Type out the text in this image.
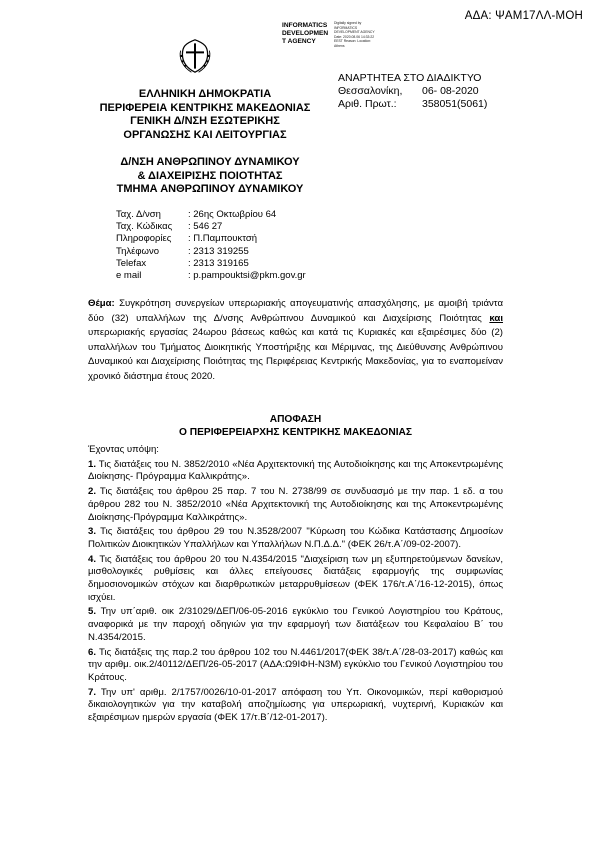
ΑΔΑ: ΨΑΜ17ΛΛ-ΜΟΗ
INFORMATICS
DEVELOPMEN
T AGENCY
Digitally signed by INFORMATICS DEVELOPMENT AGENCY Date: 2020.08.06 14:33:22 EEST Reason: Location: Athens
ΕΛΛΗΝΙΚΗ ΔΗΜΟΚΡΑΤΙΑ
ΠΕΡΙΦΕΡΕΙΑ ΚΕΝΤΡΙΚΗΣ ΜΑΚΕΔΟΝΙΑΣ
ΓΕΝΙΚΗ Δ/ΝΣΗ ΕΣΩΤΕΡΙΚΗΣ
ΟΡΓΑΝΩΣΗΣ ΚΑΙ ΛΕΙΤΟΥΡΓΙΑΣ
Δ/ΝΣΗ ΑΝΘΡΩΠΙΝΟΥ ΔΥΝΑΜΙΚΟΥ
& ΔΙΑΧΕΙΡΙΣΗΣ ΠΟΙΟΤΗΤΑΣ
ΤΜΗΜΑ ΑΝΘΡΩΠΙΝΟΥ ΔΥΝΑΜΙΚΟΥ
ΑΝΑΡΤΗΤΕΑ ΣΤΟ ΔΙΑΔΙΚΤΥΟ
Θεσσαλονίκη,	06- 08-2020
Αριθ. Πρωτ.:	358051(5061)
Ταχ. Δ/νση	: 26ης Οκτωβρίου 64
Ταχ. Κώδικας	: 546 27
Πληροφορίες	: Π.Παμπουκτσή
Τηλέφωνο	: 2313 319255
Telefax	: 2313 319165
e mail	: p.pampouktsi@pkm.gov.gr
Θέμα: Συγκρότηση συνεργείων υπερωριακής απογευματινής απασχόλησης, με αμοιβή τριάντα δύο (32) υπαλλήλων της Δ/νσης Ανθρώπινου Δυναμικού και Διαχείρισης Ποιότητας και υπερωριακής εργασίας 24ωρου βάσεως καθώς και κατά τις Κυριακές και εξαιρέσιμες δύο (2) υπαλλήλων του Τμήματος Διοικητικής Υποστήριξης και Μέριμνας, της Διεύθυνσης Ανθρώπινου Δυναμικού και Διαχείρισης Ποιότητας της Περιφέρειας Κεντρικής Μακεδονίας, για το εναπομείναν χρονικό διάστημα έτους 2020.
ΑΠΟΦΑΣΗ
Ο ΠΕΡΙΦΕΡΕΙΑΡΧΗΣ ΚΕΝΤΡΙΚΗΣ ΜΑΚΕΔΟΝΙΑΣ

Έχοντας υπόψη:

1. Τις διατάξεις του Ν. 3852/2010 «Νέα Αρχιτεκτονική της Αυτοδιοίκησης και της Αποκεντρωμένης Διοίκησης- Πρόγραμμα Καλλικράτης».

2. Τις διατάξεις του άρθρου 25 παρ. 7 του Ν. 2738/99 σε συνδυασμό με την παρ. 1 εδ. α του άρθρου 282 του Ν. 3852/2010 «Νέα Αρχιτεκτονική της Αυτοδιοίκησης και της Αποκεντρωμένης Διοίκησης-Πρόγραμμα Καλλικράτης».

3. Τις διατάξεις του άρθρου 29 του Ν.3528/2007 "Κύρωση του Κώδικα Κατάστασης Δημοσίων Πολιτικών Διοικητικών Υπαλλήλων και Υπαλλήλων Ν.Π.Δ.Δ." (ΦΕΚ 26/τ.Α΄/09-02-2007).

4. Τις διατάξεις του άρθρου 20 του Ν.4354/2015 "Διαχείριση των μη εξυπηρετούμενων δανείων, μισθολογικές ρυθμίσεις και άλλες επείγουσες διατάξεις εφαρμογής της συμφωνίας δημοσιονομικών στόχων και διαρθρωτικών μεταρρυθμίσεων (ΦΕΚ 176/τ.Α΄/16-12-2015), όπως ισχύει.

5. Την υπ΄αριθ. οικ 2/31029/ΔΕΠ/06-05-2016 εγκύκλιο του Γενικού Λογιστηρίου του Κράτους, αναφορικά με την παροχή οδηγιών για την εφαρμογή των διατάξεων του Κεφαλαίου Β΄ του Ν.4354/2015.

6. Τις διατάξεις της παρ.2 του άρθρου 102 του Ν.4461/2017(ΦΕΚ 38/τ.Α΄/28-03-2017) καθώς και την αριθμ. οικ.2/40112/ΔΕΠ/26-05-2017 (ΑΔΑ:Ω9ΙΦΗ-Ν3Μ) εγκύκλιο του Γενικού Λογιστηρίου του Κράτους.

7. Την υπ' αριθμ. 2/1757/0026/10-01-2017 απόφαση του Υπ. Οικονομικών, περί καθορισμού δικαιολογητικών για την καταβολή αποζημίωσης για υπερωριακή, νυχτερινή, Κυριακών και εξαιρέσιμων ημερών εργασία (ΦΕΚ 17/τ.Β΄/12-01-2017).
